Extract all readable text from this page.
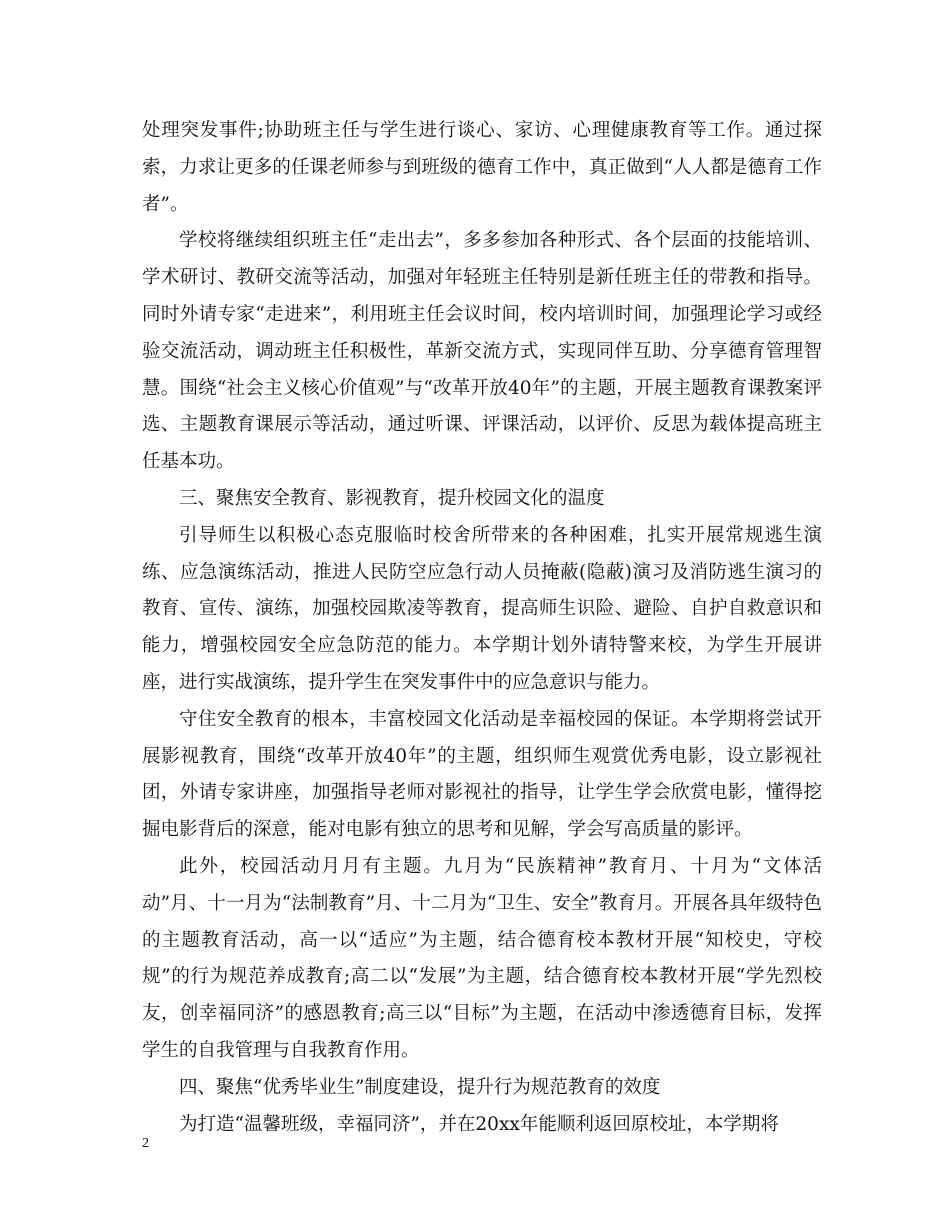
处理突发事件;协助班主任与学生进行谈心、家访、心理健康教育等工作。通过探索，力求让更多的任课老师参与到班级的德育工作中，真正做到“人人都是德育工作者”。

学校将继续组织班主任“走出去”，多多参加各种形式、各个层面的技能培训、学术研讨、教研交流等活动，加强对年轻班主任特别是新任班主任的带教和指导。同时外请专家“走进来”，利用班主任会议时间，校内培训时间，加强理论学习或经验交流活动，调动班主任积极性，革新交流方式，实现同伴互助、分享德育管理智慧。围绕“社会主义核心价值观”与“改革开放40年”的主题，开展主题教育课教案评选、主题教育课展示等活动，通过听课、评课活动，以评价、反思为载体提高班主任基本功。

三、聚焦安全教育、影视教育，提升校园文化的温度

引导师生以积极心态克服临时校舍所带来的各种困难，扎实开展常规逃生演练、应急演练活动，推进人民防空应急行动人员掩蔽(隐蔽)演习及消防逃生演习的教育、宣传、演练，加强校园欺凌等教育，提高师生识险、避险、自护自救意识和能力，增强校园安全应急防范的能力。本学期计划外请特警来校，为学生开展讲座，进行实战演练，提升学生在突发事件中的应急意识与能力。

守住安全教育的根本，丰富校园文化活动是幸福校园的保证。本学期将尝试开展影视教育，围绕“改革开放40年”的主题，组织师生观赏优秀电影，设立影视社团，外请专家讲座，加强指导老师对影视社的指导，让学生学会欣赏电影，懂得挖掘电影背后的深意，能对电影有独立的思考和见解，学会写高质量的影评。

此外，校园活动月月有主题。九月为“民族精神”教育月、十月为“文体活动”月、十一月为“法制教育”月、十二月为“卫生、安全”教育月。开展各具年级特色的主题教育活动，高一以“适应”为主题，结合德育校本教材开展“知校史，守校规”的行为规范养成教育;高二以“发展”为主题，结合德育校本教材开展“学先烈校友，创幸福同济”的感恩教育;高三以“目标”为主题，在活动中渗透德育目标，发挥学生的自我管理与自我教育作用。

四、聚焦“优秀毕业生”制度建设，提升行为规范教育的效度

为打造“温馨班级，幸福同济”，并在20xx年能顺利返回原校址，本学期将

2
